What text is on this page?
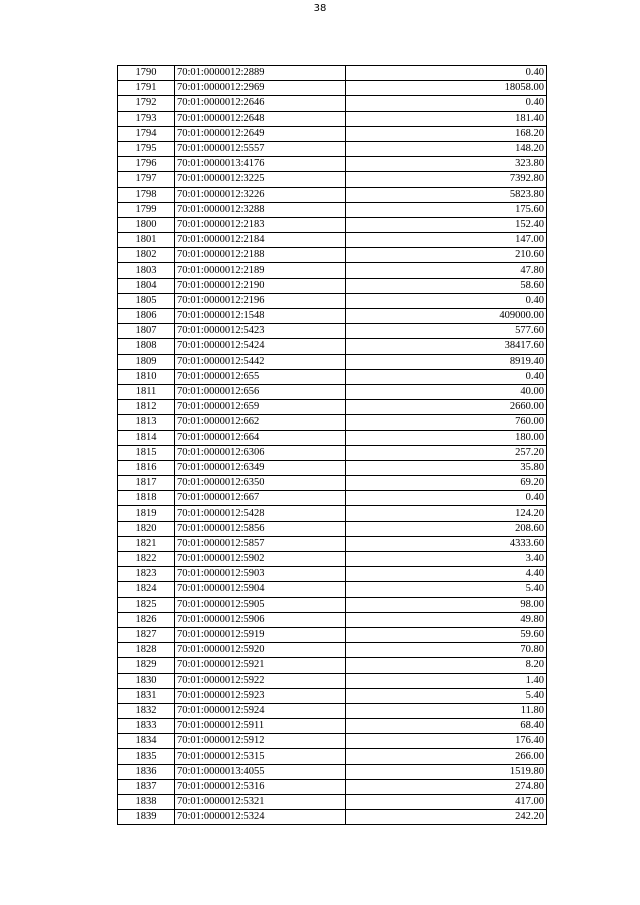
38
1790	70:01:0000012:2889	0.40
1791	70:01:0000012:2969	18058.00
1792	70:01:0000012:2646	0.40
1793	70:01:0000012:2648	181.40
1794	70:01:0000012:2649	168.20
1795	70:01:0000012:5557	148.20
1796	70:01:0000013:4176	323.80
1797	70:01:0000012:3225	7392.80
1798	70:01:0000012:3226	5823.80
1799	70:01:0000012:3288	175.60
1800	70:01:0000012:2183	152.40
1801	70:01:0000012:2184	147.00
1802	70:01:0000012:2188	210.60
1803	70:01:0000012:2189	47.80
1804	70:01:0000012:2190	58.60
1805	70:01:0000012:2196	0.40
1806	70:01:0000012:1548	409000.00
1807	70:01:0000012:5423	577.60
1808	70:01:0000012:5424	38417.60
1809	70:01:0000012:5442	8919.40
1810	70:01:0000012:655	0.40
1811	70:01:0000012:656	40.00
1812	70:01:0000012:659	2660.00
1813	70:01:0000012:662	760.00
1814	70:01:0000012:664	180.00
1815	70:01:0000012:6306	257.20
1816	70:01:0000012:6349	35.80
1817	70:01:0000012:6350	69.20
1818	70:01:0000012:667	0.40
1819	70:01:0000012:5428	124.20
1820	70:01:0000012:5856	208.60
1821	70:01:0000012:5857	4333.60
1822	70:01:0000012:5902	3.40
1823	70:01:0000012:5903	4.40
1824	70:01:0000012:5904	5.40
1825	70:01:0000012:5905	98.00
1826	70:01:0000012:5906	49.80
1827	70:01:0000012:5919	59.60
1828	70:01:0000012:5920	70.80
1829	70:01:0000012:5921	8.20
1830	70:01:0000012:5922	1.40
1831	70:01:0000012:5923	5.40
1832	70:01:0000012:5924	11.80
1833	70:01:0000012:5911	68.40
1834	70:01:0000012:5912	176.40
1835	70:01:0000012:5315	266.00
1836	70:01:0000013:4055	1519.80
1837	70:01:0000012:5316	274.80
1838	70:01:0000012:5321	417.00
1839	70:01:0000012:5324	242.20
